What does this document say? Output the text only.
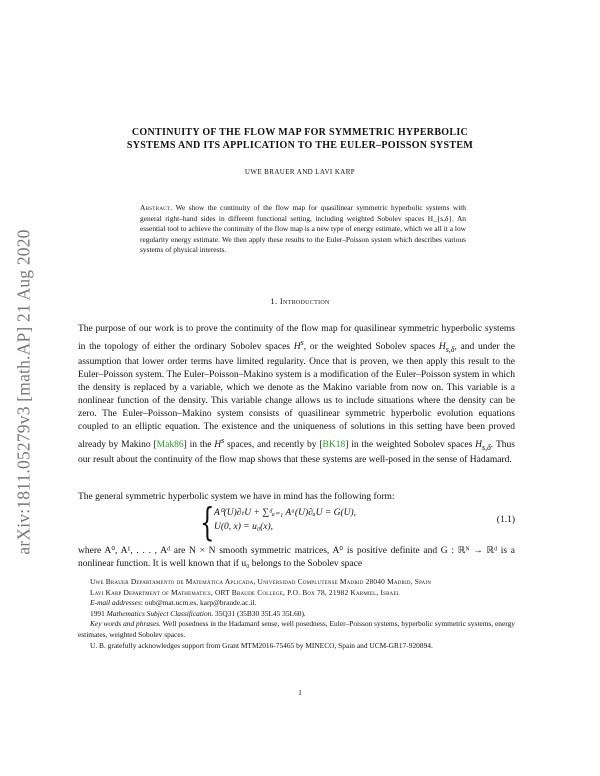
arXiv:1811.05279v3 [math.AP] 21 Aug 2020
CONTINUITY OF THE FLOW MAP FOR SYMMETRIC HYPERBOLIC
SYSTEMS AND ITS APPLICATION TO THE EULER–POISSON SYSTEM
UWE BRAUER AND LAVI KARP
Abstract. We show the continuity of the flow map for quasilinear symmetric hyperbolic systems with general right–hand sides in different functional setting, including weighted Sobolev spaces H_{s,δ}. An essential tool to achieve the continuity of the flow map is a new type of energy estimate, which we all it a low regularity energy estimate. We then apply these results to the Euler–Poisson system which describes various systems of physical interests.
1. Introduction
The purpose of our work is to prove the continuity of the flow map for quasilinear symmetric hyperbolic systems in the topology of either the ordinary Sobolev spaces $H^s$, or the weighted Sobolev spaces $H_{s,\delta}$, and under the assumption that lower order terms have limited regularity. Once that is proven, we then apply this result to the Euler–Poisson system. The Euler–Poisson–Makino system is a modification of the Euler–Poisson system in which the density is replaced by a variable, which we denote as the Makino variable from now on. This variable is a nonlinear function of the density. This variable change allows us to include situations where the density can be zero. The Euler–Poisson–Makino system consists of quasilinear symmetric hyperbolic evolution equations coupled to an elliptic equation. The existence and the uniqueness of solutions in this setting have been proved already by Makino [Mak86] in the $H^s$ spaces, and recently by [BK18] in the weighted Sobolev spaces $H_{s,\delta}$. Thus our result about the continuity of the flow map shows that these systems are well-posed in the sense of Hadamard.
The general symmetric hyperbolic system we have in mind has the following form:
{ A⁰(U)∂ₜU + ∑ᵈₐ₌₁ Aᵃ(U)∂ₐU = G(U),
U(0, x) = u₀(x),
(1.1)
where A⁰, A¹, . . . , Aᵈ are N × N smooth symmetric matrices, A⁰ is positive definite and G : ℝᴺ → ℝᵈ is a nonlinear function. It is well known that if u₀ belongs to the Sobolev space

Uwe Brauer Departamento de Matemática Aplicada, Universidad Complutense Madrid 28040 Madrid, Spain

Lavi Karp Department of Mathematics, ORT Braude College, P.O. Box 78, 21982 Karmiel, Israel

E-mail addresses: oub@mat.ucm.es, karp@braude.ac.il.

1991 Mathematics Subject Classification. 35Q31 (35B30 35L45 35L60).

Key words and phrases. Well posedness in the Hadamard sense, well posedness, Euler–Poisson systems, hyperbolic symmetric systems, energy estimates, weighted Sobolev spaces.

U. B. gratefully acknowledges support from Grant MTM2016-75465 by MINECO, Spain and UCM-GR17-920894.

1
